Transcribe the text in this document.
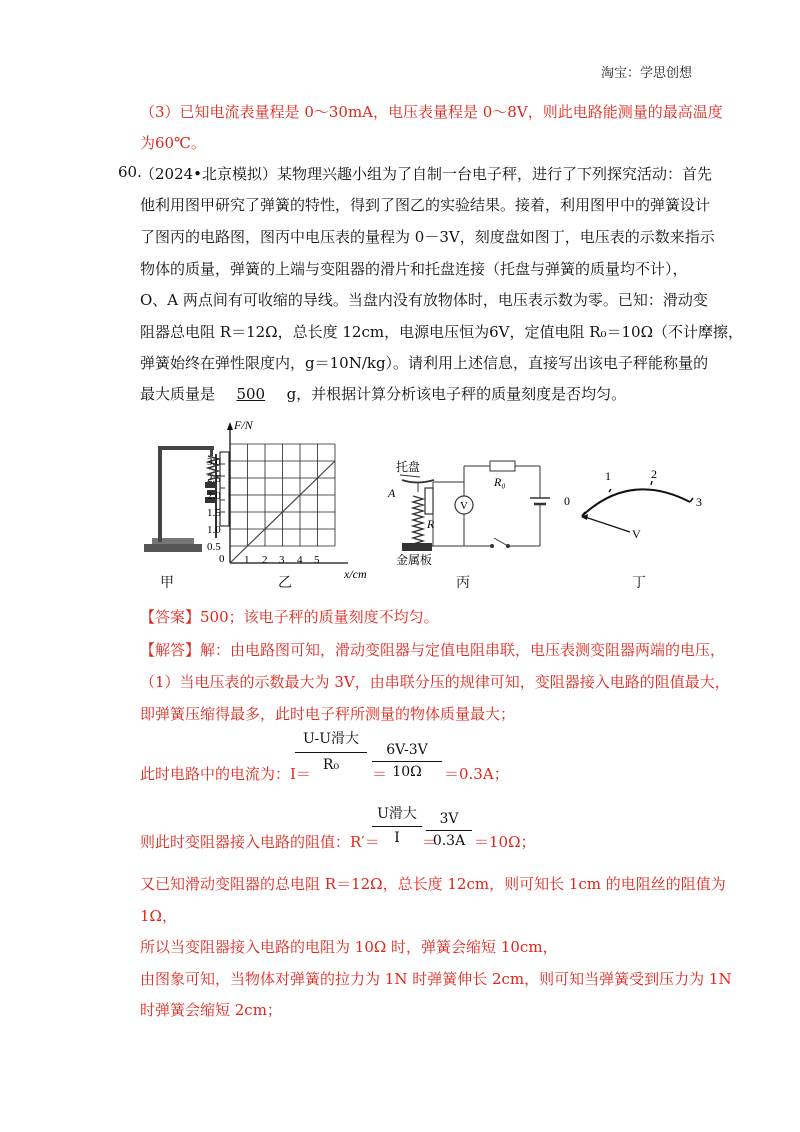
淘宝：学思创想
（3）已知电流表量程是 0～30mA，电压表量程是 0～8V，则此电路能测量的最高温度
为60℃。
60.
（2024•北京模拟）某物理兴趣小组为了自制一台电子秤，进行了下列探究活动：首先
他利用图甲研究了弹簧的特性，得到了图乙的实验结果。接着，利用图甲中的弹簧设计
了图丙的电路图，图丙中电压表的量程为 0－3V，刻度盘如图丁，电压表的示数来指示
物体的质量，弹簧的上端与变阻器的滑片和托盘连接（托盘与弹簧的质量均不计），
O、A 两点间有可收缩的导线。当盘内没有放物体时，电压表示数为零。已知：滑动变
阻器总电阻 R＝12Ω，总长度 12cm，电源电压恒为6V，定值电阻 R₀＝10Ω（不计摩擦，
弹簧始终在弹性限度内，g＝10N/kg）。请利用上述信息，直接写出该电子秤能称量的
最大质量是 500 g，并根据计算分析该电子秤的质量刻度是否均匀。
F/N
x/cm
0
0.5
1.0
1.5
2.0
2.5
3.0
1 2 3 4 5
托盘
A
金属板
R
R₀
V	0
1	2
3
V
甲	乙	丙	丁
【答案】500；该电子秤的质量刻度不均匀。
【解答】解：由电路图可知，滑动变阻器与定值电阻串联，电压表测变阻器两端的电压，
（1）当电压表的示数最大为 3V，由串联分压的规律可知，变阻器接入电路的阻值最大，
即弹簧压缩得最多，此时电子秤所测量的物体质量最大；
此时电路中的电流为：I＝
U-U滑大
R₀	＝
$\frac{6V-3V}{10\Omega} =0.3A$；
则此时变阻器接入电路的阻值：R′＝
U滑大
I	＝
$\frac{3V}{0.3A} =10\Omega$；
又已知滑动变阻器的总电阻 R＝12Ω，总长度 12cm，则可知长 1cm 的电阻丝的阻值为
1Ω，
所以当变阻器接入电路的电阻为 10Ω 时，弹簧会缩短 10cm，
由图象可知，当物体对弹簧的拉力为 1N 时弹簧伸长 2cm，则可知当弹簧受到压力为 1N
时弹簧会缩短 2cm；
